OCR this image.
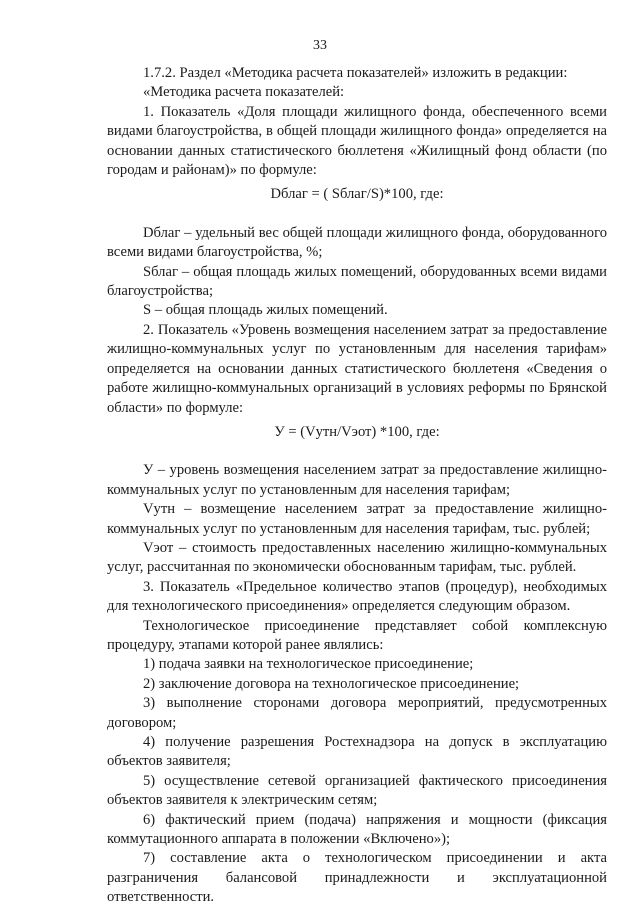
33

1.7.2. Раздел «Методика расчета показателей» изложить в редакции:

«Методика расчета показателей:

1. Показатель «Доля площади жилищного фонда, обеспеченного всеми видами благоустройства, в общей площади жилищного фонда» определяется на основании данных статистического бюллетеня «Жилищный фонд области (по городам и районам)» по формуле:

Dблаг = ( Sблаг/S)*100, где:

Dблаг – удельный вес общей площади жилищного фонда, оборудованного всеми видами благоустройства, %;

Sблаг – общая площадь жилых помещений, оборудованных всеми видами благоустройства;

S – общая площадь жилых помещений.

2. Показатель «Уровень возмещения населением затрат за предоставление жилищно-коммунальных услуг по установленным для населения тарифам» определяется на основании данных статистического бюллетеня «Сведения о работе жилищно-коммунальных организаций в условиях реформы по Брянской области» по формуле:

У = (Vутн/Vэот) *100, где:

У – уровень возмещения населением затрат за предоставление жилищно-коммунальных услуг по установленным для населения тарифам;

Vутн – возмещение населением затрат за предоставление жилищно-коммунальных услуг по установленным для населения тарифам, тыс. рублей;

Vэот – стоимость предоставленных населению жилищно-коммунальных услуг, рассчитанная по экономически обоснованным тарифам, тыс. рублей.

3. Показатель «Предельное количество этапов (процедур), необходимых для технологического присоединения» определяется следующим образом.

Технологическое присоединение представляет собой комплексную процедуру, этапами которой ранее являлись:

1) подача заявки на технологическое присоединение;

2) заключение договора на технологическое присоединение;

3) выполнение сторонами договора мероприятий, предусмотренных договором;

4) получение разрешения Ростехнадзора на допуск в эксплуатацию объектов заявителя;

5) осуществление сетевой организацией фактического присоединения объектов заявителя к электрическим сетям;

6) фактический прием (подача) напряжения и мощности (фиксация коммутационного аппарата в положении «Включено»);

7) составление акта о технологическом присоединении и акта разграничения балансовой принадлежности и эксплуатационной ответственности.
